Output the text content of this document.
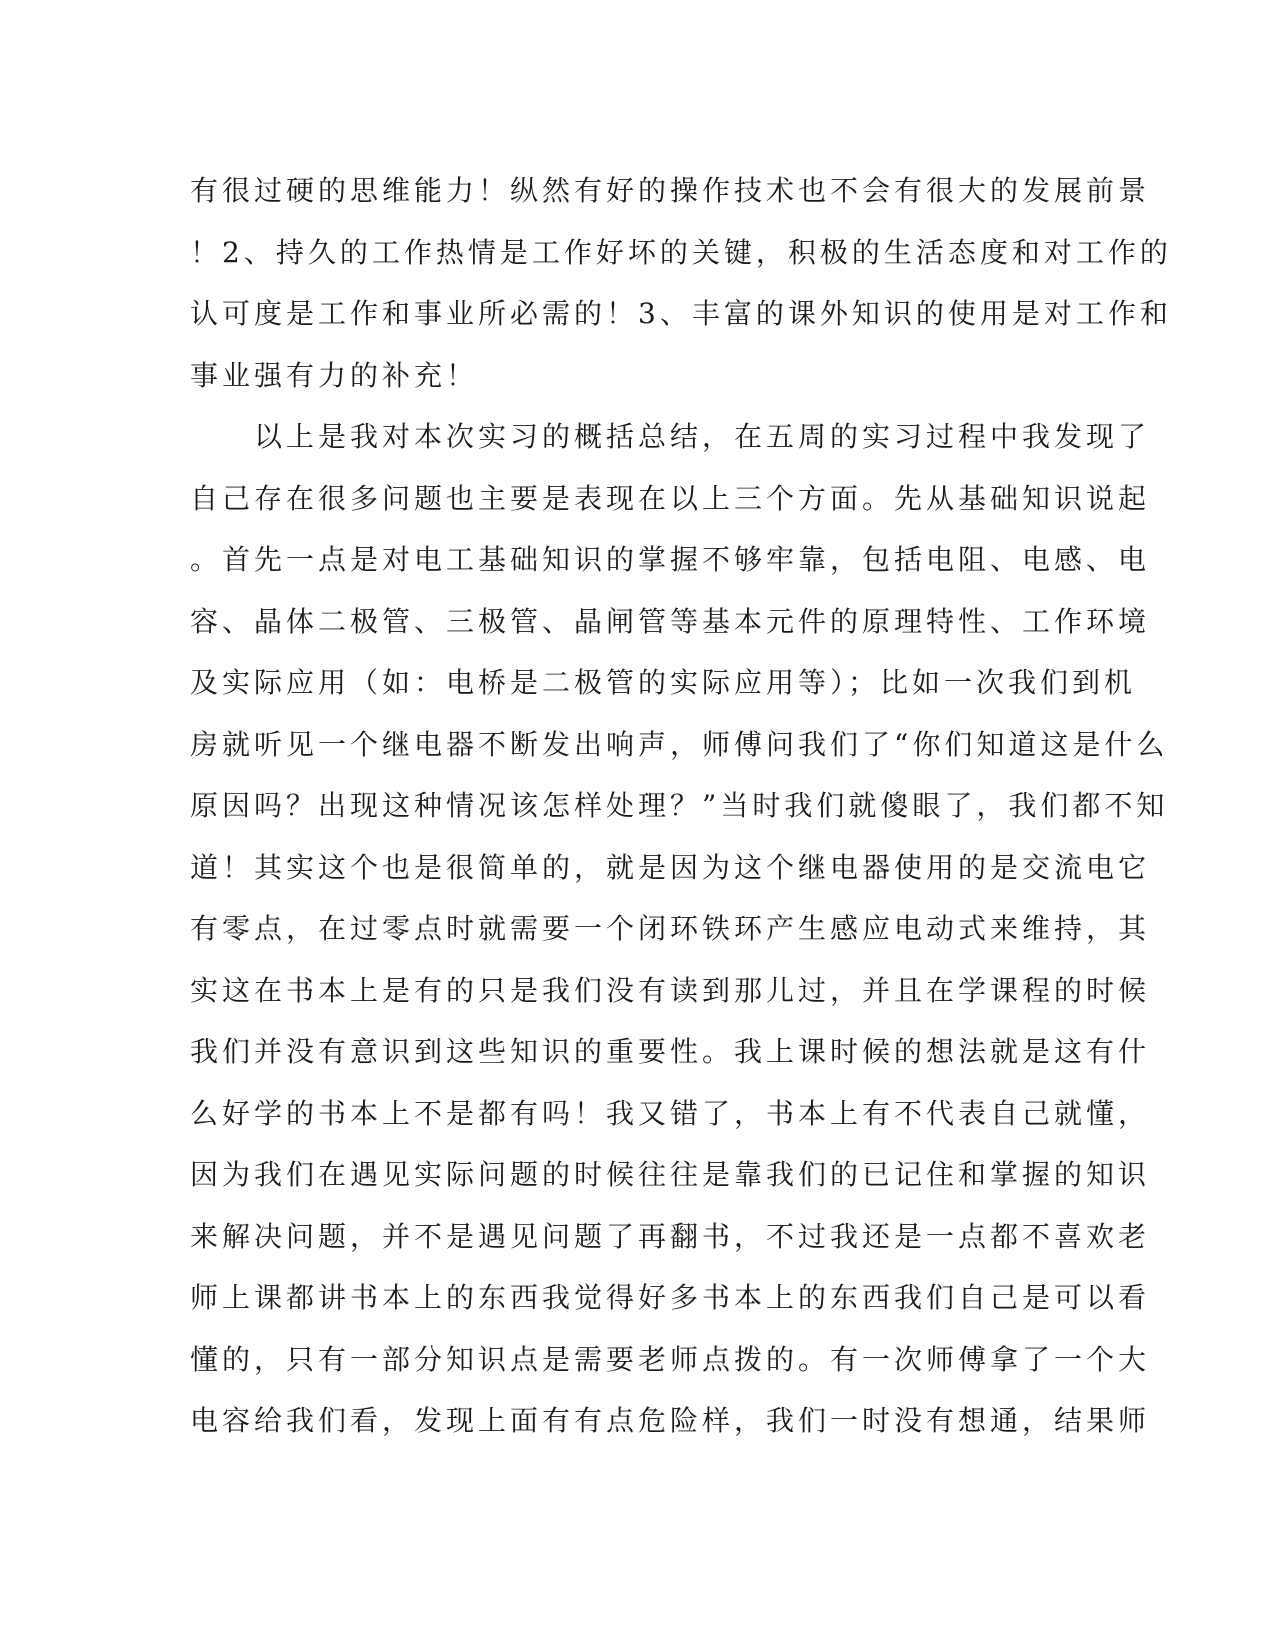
有很过硬的思维能力！纵然有好的操作技术也不会有很大的发展前景
！2、持久的工作热情是工作好坏的关键，积极的生活态度和对工作的
认可度是工作和事业所必需的！3、丰富的课外知识的使用是对工作和
事业强有力的补充！
　　以上是我对本次实习的概括总结，在五周的实习过程中我发现了
自己存在很多问题也主要是表现在以上三个方面。先从基础知识说起
。首先一点是对电工基础知识的掌握不够牢靠，包括电阻、电感、电
容、晶体二极管、三极管、晶闸管等基本元件的原理特性、工作环境
及实际应用（如：电桥是二极管的实际应用等）；比如一次我们到机
房就听见一个继电器不断发出响声，师傅问我们了“你们知道这是什么
原因吗？出现这种情况该怎样处理？”当时我们就傻眼了，我们都不知
道！其实这个也是很简单的，就是因为这个继电器使用的是交流电它
有零点，在过零点时就需要一个闭环铁环产生感应电动式来维持，其
实这在书本上是有的只是我们没有读到那儿过，并且在学课程的时候
我们并没有意识到这些知识的重要性。我上课时候的想法就是这有什
么好学的书本上不是都有吗！我又错了，书本上有不代表自己就懂，
因为我们在遇见实际问题的时候往往是靠我们的已记住和掌握的知识
来解决问题，并不是遇见问题了再翻书，不过我还是一点都不喜欢老
师上课都讲书本上的东西我觉得好多书本上的东西我们自己是可以看
懂的，只有一部分知识点是需要老师点拨的。有一次师傅拿了一个大
电容给我们看，发现上面有有点危险样，我们一时没有想通，结果师
